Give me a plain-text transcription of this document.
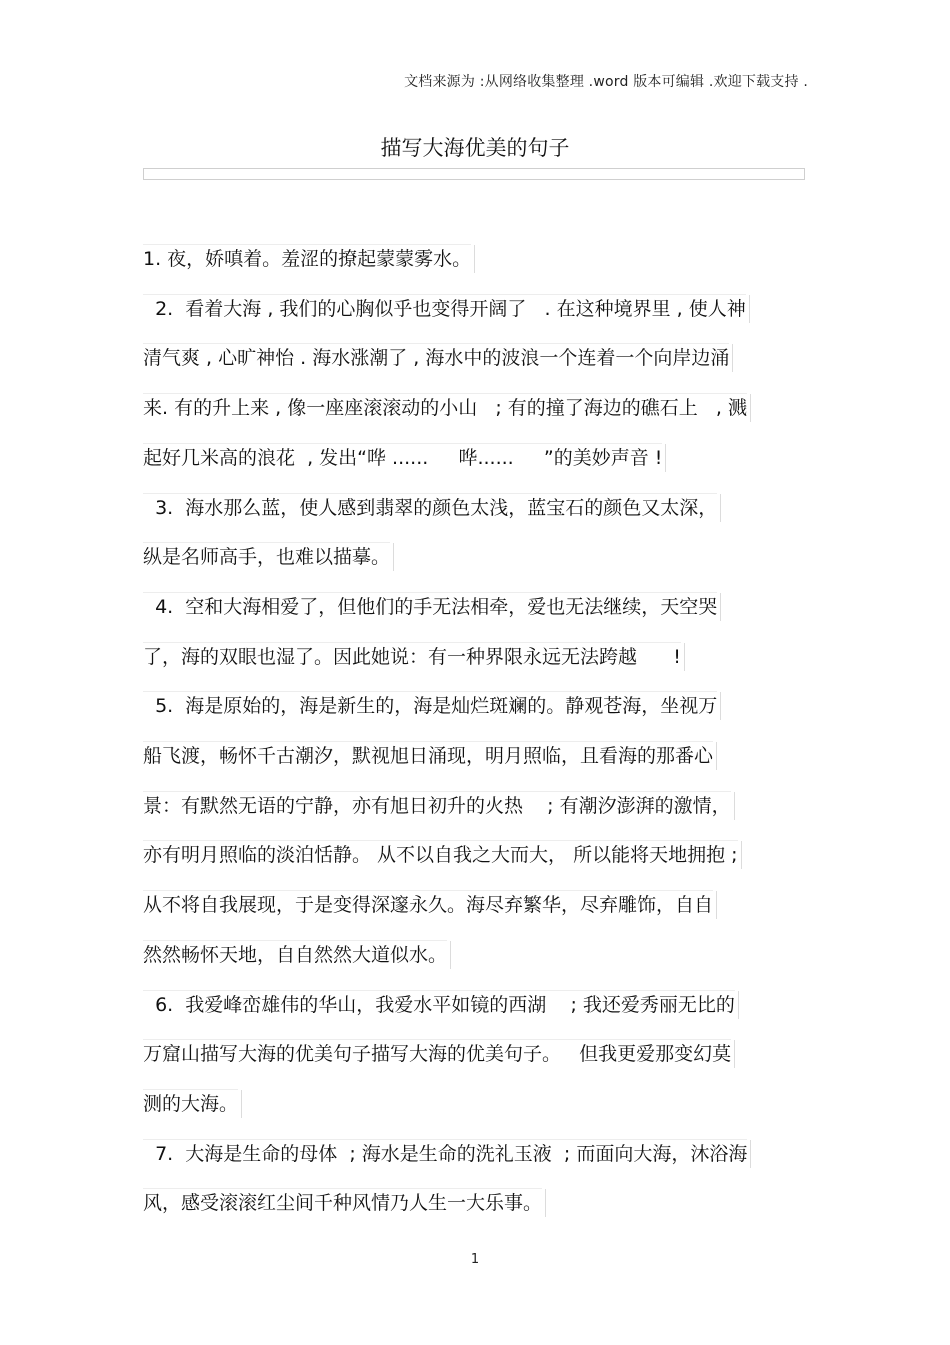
文档来源为 :从网络收集整理 .word 版本可编辑 .欢迎下载支持 .
描写大海优美的句子
1. 夜，娇嗔着。羞涩的撩起蒙蒙雾水。
2.  看着大海 , 我们的心胸似乎也变得开阔了   . 在这种境界里 , 使人神
清气爽 , 心旷神怡 . 海水涨潮了 , 海水中的波浪一个连着一个向岸边涌
来. 有的升上来 , 像一座座滚滚动的小山   ; 有的撞了海边的礁石上   , 溅
起好几米高的浪花  , 发出“哗 ......     哗......     ”的美妙声音 !
3.  海水那么蓝，使人感到翡翠的颜色太浅，蓝宝石的颜色又太深，
纵是名师高手，也难以描摹。
4.  空和大海相爱了，但他们的手无法相牵，爱也无法继续，天空哭
了，海的双眼也湿了。因此她说：有一种界限永远无法跨越      !
5.  海是原始的，海是新生的，海是灿烂斑斓的。静观苍海，坐视万
船飞渡，畅怀千古潮汐，默视旭日涌现，明月照临，且看海的那番心
景：有默然无语的宁静，亦有旭日初升的火热    ; 有潮汐澎湃的激情，
亦有明月照临的淡泊恬静。 从不以自我之大而大， 所以能将天地拥抱 ;
从不将自我展现，于是变得深邃永久。海尽弃繁华，尽弃雕饰，自自
然然畅怀天地，自自然然大道似水。
6.  我爱峰峦雄伟的华山，我爱水平如镜的西湖    ; 我还爱秀丽无比的
万窟山描写大海的优美句子描写大海的优美句子。   但我更爱那变幻莫
测的大海。
7.  大海是生命的母体  ; 海水是生命的洗礼玉液  ; 而面向大海，沐浴海
风，感受滚滚红尘间千种风情乃人生一大乐事。
1
